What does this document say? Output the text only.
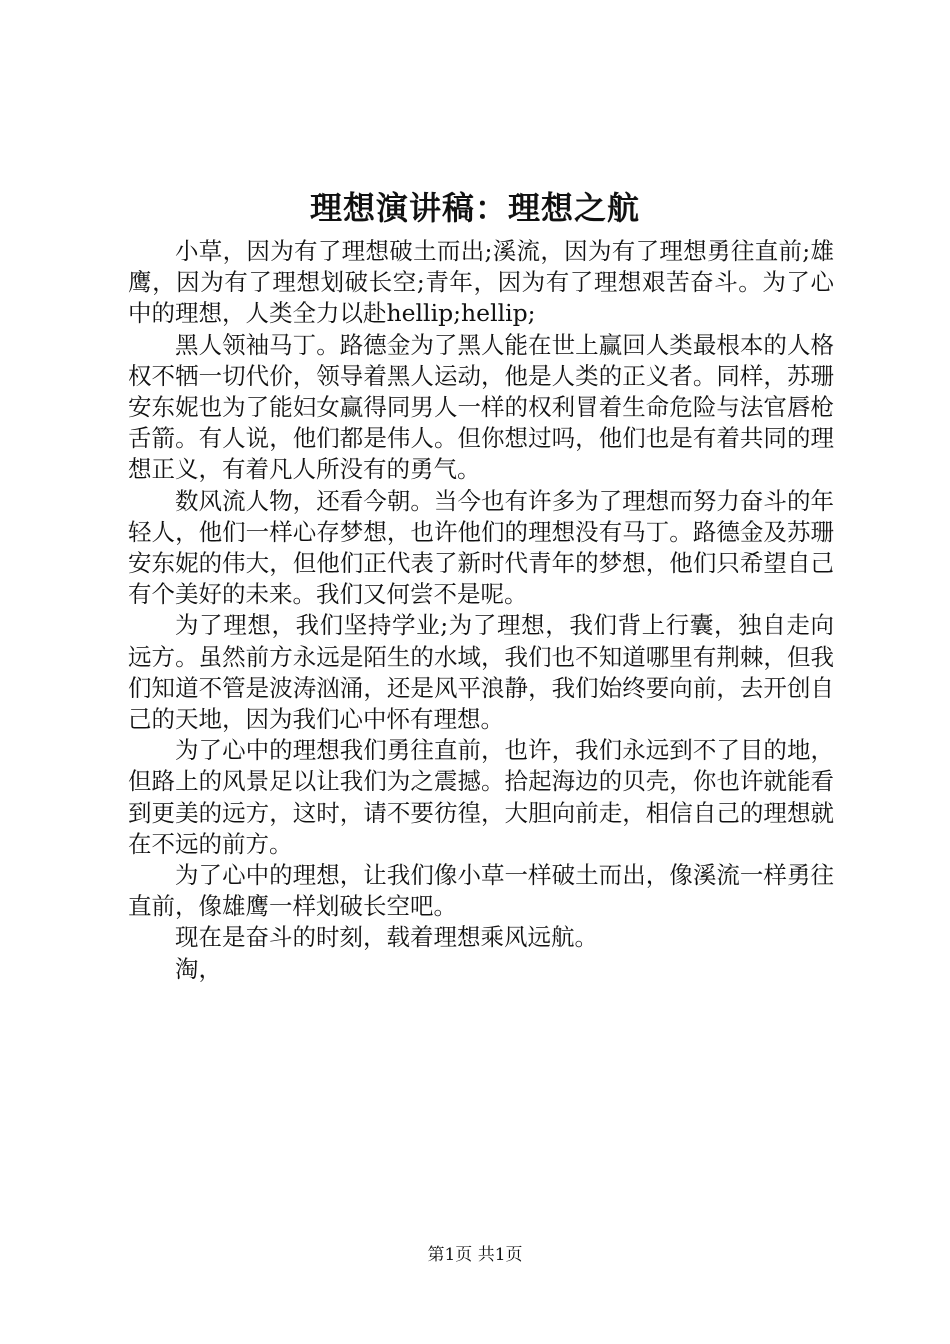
理想演讲稿：理想之航

小草，因为有了理想破土而出;溪流，因为有了理想勇往直前;雄鹰，因为有了理想划破长空;青年，因为有了理想艰苦奋斗。为了心中的理想，人类全力以赴hellip;hellip;

黑人领袖马丁。路德金为了黑人能在世上赢回人类最根本的人格权不牺一切代价，领导着黑人运动，他是人类的正义者。同样，苏珊安东妮也为了能妇女赢得同男人一样的权利冒着生命危险与法官唇枪舌箭。有人说，他们都是伟人。但你想过吗，他们也是有着共同的理想正义，有着凡人所没有的勇气。

数风流人物，还看今朝。当今也有许多为了理想而努力奋斗的年轻人，他们一样心存梦想，也许他们的理想没有马丁。路德金及苏珊安东妮的伟大，但他们正代表了新时代青年的梦想，他们只希望自己有个美好的未来。我们又何尝不是呢。

为了理想，我们坚持学业;为了理想，我们背上行囊，独自走向远方。虽然前方永远是陌生的水域，我们也不知道哪里有荆棘，但我们知道不管是波涛汹涌，还是风平浪静，我们始终要向前，去开创自己的天地，因为我们心中怀有理想。

为了心中的理想我们勇往直前，也许，我们永远到不了目的地，但路上的风景足以让我们为之震撼。拾起海边的贝壳，你也许就能看到更美的远方，这时，请不要彷徨，大胆向前走，相信自己的理想就在不远的前方。

为了心中的理想，让我们像小草一样破土而出，像溪流一样勇往直前，像雄鹰一样划破长空吧。

现在是奋斗的时刻，载着理想乘风远航。

淘，

第1页 共1页
